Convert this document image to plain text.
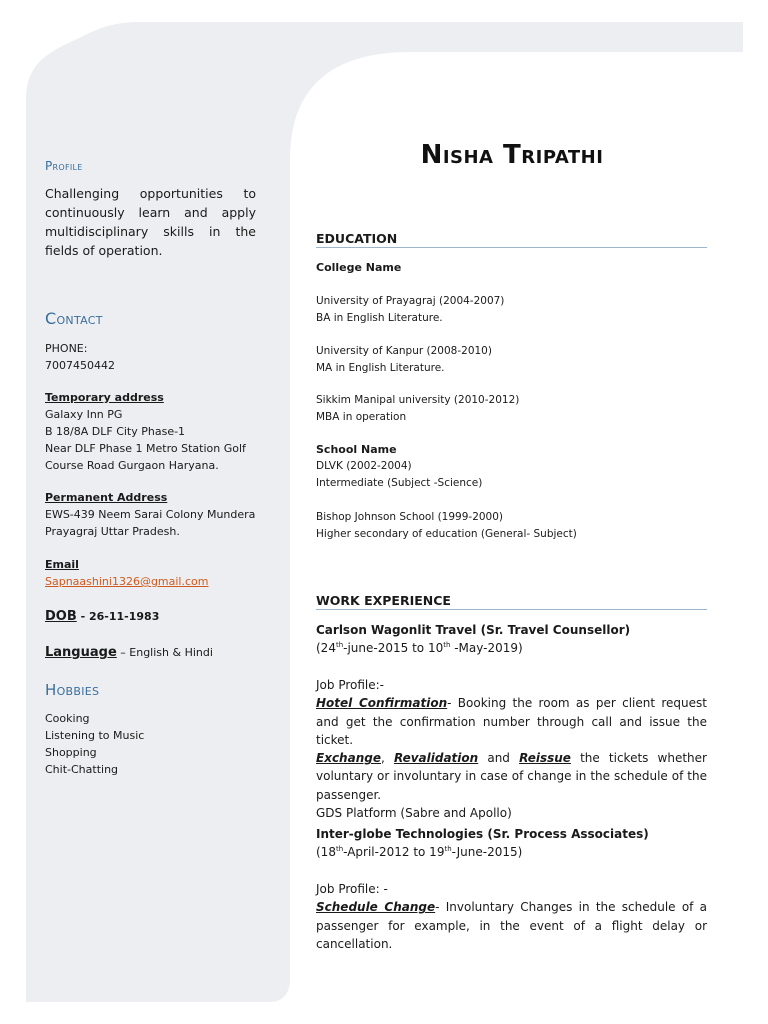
Profile
Challenging opportunities to continuously learn and apply multidisciplinary skills in the fields of operation.
Contact
PHONE:
7007450442
Temporary address
Galaxy Inn PG
B 18/8A DLF City Phase-1
Near DLF Phase 1 Metro Station Golf
Course Road Gurgaon Haryana.
Permanent Address
EWS-439 Neem Sarai Colony Mundera
Prayagraj Uttar Pradesh.
Email
Sapnaashini1326@gmail.com
DOB - 26-11-1983
Language – English & Hindi
Hobbies
Cooking
Listening to Music
Shopping
Chit-Chatting
Nisha Tripathi
EDUCATION
College Name
University of Prayagraj (2004-2007)
BA in English Literature.
University of Kanpur (2008-2010)
MA in English Literature.
Sikkim Manipal university (2010-2012)
MBA in operation
School Name
DLVK (2002-2004)
Intermediate (Subject -Science)
Bishop Johnson School (1999-2000)
Higher secondary of education (General- Subject)
WORK EXPERIENCE
Carlson Wagonlit Travel (Sr. Travel Counsellor)
(24th-june-2015 to 10th -May-2019)
Job Profile:-
Hotel Confirmation- Booking the room as per client request and get the confirmation number through call and issue the ticket.
Exchange, Revalidation and Reissue the tickets whether voluntary or involuntary in case of change in the schedule of the passenger.
GDS Platform (Sabre and Apollo)
Inter-globe Technologies (Sr. Process Associates)
(18th-April-2012 to 19th-June-2015)
Job Profile: -
Schedule Change- Involuntary Changes in the schedule of a passenger for example, in the event of a flight delay or cancellation.
